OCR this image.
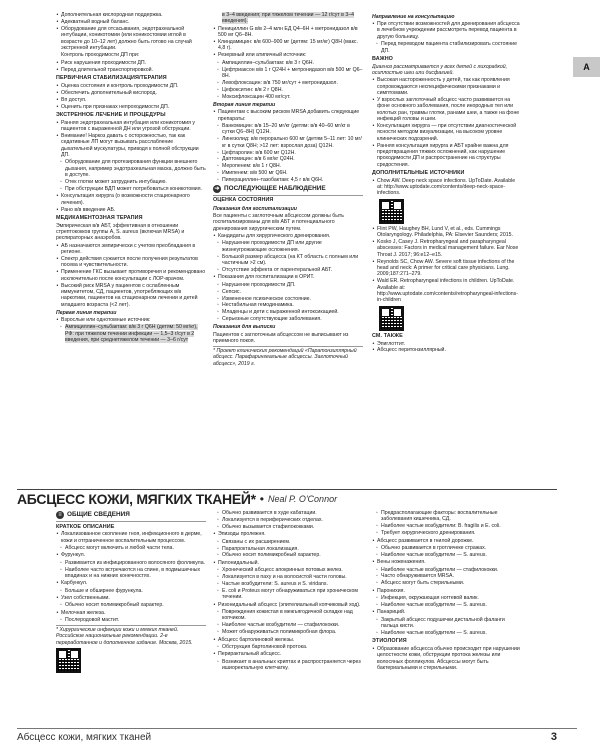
А
• Дополнительная кислородная поддержка.
• Адекватный водный баланс.
• Оборудование для отсасывания, эндотрахеальной интубации, коникотомии (или коникостомии иглой в возрасте до 10–12 лет) должно быть готово на случай экстренной интубации.

Контроль проходимости ДП при:

• Риск нарушения проходимости ДП.
• Перед длительной транспортировкой.
ПЕРВИЧНАЯ СТАБИЛИЗАЦИЯ/ТЕРАПИЯ
• Оценка состояния и контроль проходимости ДП.
• Обеспечить дополнительный кислород.
• Вп доступ.
• Оценить при признаках непроходимости ДП.
ЭКСТРЕННОЕ ЛЕЧЕНИЕ И ПРОЦЕДУРЫ
• Ранняя эндотрахеальная интубация или коникотомия у пациентов с выраженной ДН или угрозой обструкции.
• Внимание! Наркоз давать с осторожностью, так как седативные ЛП могут вызывать расслабление дыхательной мускулатуры, приводя к полной обструкции ДП.
◦ Оборудование для протезирования функции внешнего дыхания, например эндотрахеальная маска, должно быть в доступе.
◦ Отек глотки может затруднить интубацию.
◦ При обструкции ВДП может потребоваться коникотомия.
• Консультация хирурга (о возможности стационарного лечения).
• Рано в/в введение АБ.
МЕДИКАМЕНТОЗНАЯ ТЕРАПИЯ

Эмпирическая в/в АБТ, эффективная в отношении стрептококков группы A, S. aureus (включая MRSA) и респираторных анаэробов.

• АБ назначаются эмпирически с учетом преобладания в регионе.
• Спектр действия сужается после получения результатов посева и чувствительности.
• Применение ГКС вызывает противоречия и рекомендовано исключительно после консультации с ЛОР-врачом.
• Высокий риск MRSA у пациентов с ослабленным иммунитетом, СД, пациентов, употребляющих в/в наркотики, пациентов на стационарном лечении и детей младшего возраста (<2 лет).
Первая линия терапии
• Взрослые или однотомные источник:
◦ Ампициллин–сульбактам: в/в 3 г Q6H (детям: 50 мг/кг), РФ: при тяжелом течении инфекции — 1,5–3 г/сут в 2 введения, при среднетяжелом течении — 3–6 г/сут

в 3–4 введения; при тяжелом течении — 12 г/сут в 3–4 введения).

• Пенициллин G в/в 2–4 млн ЕД Q4–6H + метронидазол в/в 500 мг Q6–8H.
• Клиндамицин: в/в 600–900 мг (детям: 15 мг/кг) Q8H (макс. 4,8 г).
• Резервный или атипичный источник:
◦ Ампициллин–сульбактам: в/в 3 г Q6H.
◦ Цефтриаксон в/в 1 г Q24H + метронидазол в/в 500 мг Q6–8H.
◦ Левофлоксацин: в/в 750 мг/сут + метронидазол.
◦ Цефокситин: в/в 2 г Q8H.
◦ Моксифлоксацин 400 мг/сут.
Вторая линия терапии
• Пациентам с высоким риском MRSA добавить следующие препараты:
◦ Ванкомицин: в/в 15–20 мг/кг (детям: в/в 40–60 мг/кг в сутки Q6–8H) Q12H.
◦ Линезолид: в/в перорально 600 мг (детям 5–11 лет: 10 мг/кг в сутки Q8H; >12 лет: взрослая доза) Q12H.
◦ Цефтаролин: в/в 600 мг Q12H.
◦ Даптомицин: в/в 6 мг/кг Q24H.
◦ Меропенем: в/в 1 г Q8H.
◦ Имипенем: в/в 500 мг Q6H.
◦ Пиперациллин–тазобактам: 4,5 г в/в Q6H.
➔ ПОСЛЕДУЮЩЕЕ НАБЛЮДЕНИЕ
ОЦЕНКА СОСТОЯНИЯ
Показания для госпитализации

Все пациенты с заглоточным абсцессом должны быть госпитализированы для в/в АБТ и потенциального дренирования хирургическим путем.

• Кандидаты для хирургического дренирования.
◦ Нарушение проходимости ДП или другие жизнеугрожающие осложнения.
◦ Большой размер абсцесса (на КТ область с полным или частичным >2 см).
◦ Отсутствие эффекта от парентеральной АБТ.
• Показания для госпитализации в ОРИТ.
◦ Нарушение проходимости ДП.
◦ Сепсис.
◦ Измененное психическое состояние.
◦ Нестабильная гемодинамика.
◦ Младенцы и дети с выраженной интоксикацией.
◦ Серьезные сопутствующие заболевания.
Показания для выписки

Пациентов с заглоточным абсцессом не выписывают из приемного покоя.

* Проект клинических рекомендаций «Паратонзиллярный абсцесс. Парафарингеальные абсцессы. Заглоточный абсцесс», 2019 г.

Направление на консультацию
• При отсутствии возможностей для дренирования абсцесса в лечебном учреждении рассмотреть перевод пациента в другую больницу.
◦ Перед переводом пациента стабилизировать состояние ДП.
ВАЖНО

Диагноз рассматривается у всех детей с лихорадкой, осиплостью шеи или дисфагией.

• Высокая настороженность у детей, так как проявления сопровождаются неспецифическими признаками и симптомами.
• У взрослых заглоточный абсцесс часто развивается на фоне основного заболевания, после инородных тел или колотых ран, травмы глотки, ранами шеи, а также на фоне инфекций головы и шеи.
• Консультация хирурга — при отсутствии диагностической ясности методом визуализации, на высоком уровне клинических подозрений.
• Ранняя консультация хирурга и АБТ крайне важна для предотвращения тяжких осложнений, как нарушение проходимости ДП и распространение на структуры средостения.
ДОПОЛНИТЕЛЬНЫЕ ИСТОЧНИКИ
• Chow AW. Deep neck space infections. UpToDate. Available at: http://www.uptodate.com/contents/deep-neck-space-infections.
• Flint PW, Haughey BH, Lund V, et al., eds. Cummings Otolaryngology. Philadelphia, PA: Elsevier Saunders; 2015.
• Kosko J, Casey J. Retropharyngeal and parapharyngeal abscesses: Factors in medical management failure. Ear Nose Throat J. 2017; 96:e12–e15.
• Reynolds SC, Chow AW. Severe soft tissue infections of the head and neck: A primer for critical care physicians. Lung. 2009;187:271–279.
• Wald ER. Retropharyngeal infections in children. UpToDate. Available at: http://www.uptodate.com/contents/retropharyngeal-infections-in-children
СМ. ТАКЖЕ
• Эпиглоттит.
• Абсцесс перитонзиллярный.
АБСЦЕСС КОЖИ, МЯГКИХ ТКАНЕЙ* • Neal P. O'Connor
≡ ОБЩИЕ СВЕДЕНИЯ
КРАТКОЕ ОПИСАНИЕ
• Локализованное скопление гноя, инфекционного в дерме, кожи и отграниченное воспалительным процессом.
◦ Абсцесс могут включить и любой части тела.
• Фурункул.
◦ Развивается из инфицированного волосяного фолликула.
◦ Наиболее часто встречаются на спине, в подмышечных впадинах и на нижних конечностях.
• Карбункул.
◦ Больше и обширнее фурункула.
• Узел собственными.
◦ Обычно носит полимикробный характер.
• Мелочная железа.
◦ Послеродовой мастит.

* Хирургические инфекции кожи и мягких тканей. Российские национальные рекомендации. 2-е переработанное и дополненное издание. Москва, 2015.

◦ Обычно развивается в худе кабатации.
◦ Локализуется в периферических отделах.
◦ Обычно вызывается стафилококками.
• Эпизоды пролежня.
◦ Связаны с их расширением.
◦ Парапроктальная локализация.
◦ Обычно носит полимикробный характер.
• Пилонидальный.
◦ Хронический абсцесс апокринных потовых желез.
◦ Локализуется в паху и на волосистой части головы.
◦ Частые возбудители: S. aureus и S. viridans.
◦ E. coli и Proteus могут обнаруживаться при хроническом течении.
• Ризонидальный абсцесс (эпителиальный копчиковый ход).
◦ Повреждения кожистая в межъягодичной складке над копчиком.
◦ Наиболее частые возбудители — стафилококки.
◦ Может обнаруживаться полимикробная флора.
• Абсцесс бартолиновой железы.
◦ Обструкция бартолиновой протока.
• Перирактальный абсцесс.
◦ Возникает в анальных криптах и распространяется через ишиоректальную клетчатку.
◦ Предрасполагающие факторы: воспалительные заболевания кишечника, СД.
◦ Наиболее частые возбудители: B. fragilis и E. coli.
◦ Требует хирургического дренирования.
• Абсцесс развивается в гнилой дорожке.
◦ Обычно развивается в гротличеке стражах.
◦ Наиболее частые возбудители — S. aureus.
• Вены ноженажения.
◦ Наиболее частые возбудители — стафилококки.
◦ Часто обнаруживается MRSA.
◦ Абсцесс могут быть стерильными.
• Паронихия.
◦ Инфекция, окружающая ногтевой валик.
◦ Наиболее частые возбудители — S. aureus.
• Панариций.
◦ Закрытый абсцесс подушечки дистальной фаланги пальца кисти.
◦ Наиболее частые возбудители — S. aureus.
ЭТИОЛОГИЯ
• Образование абсцесса обычно происходит при нарушении целостности кожи, обструкции протока железы или волосяных фолликулов. Абсцессы могут быть бактериальными и стерильными.
Абсцесс кожи, мягких тканей	3
